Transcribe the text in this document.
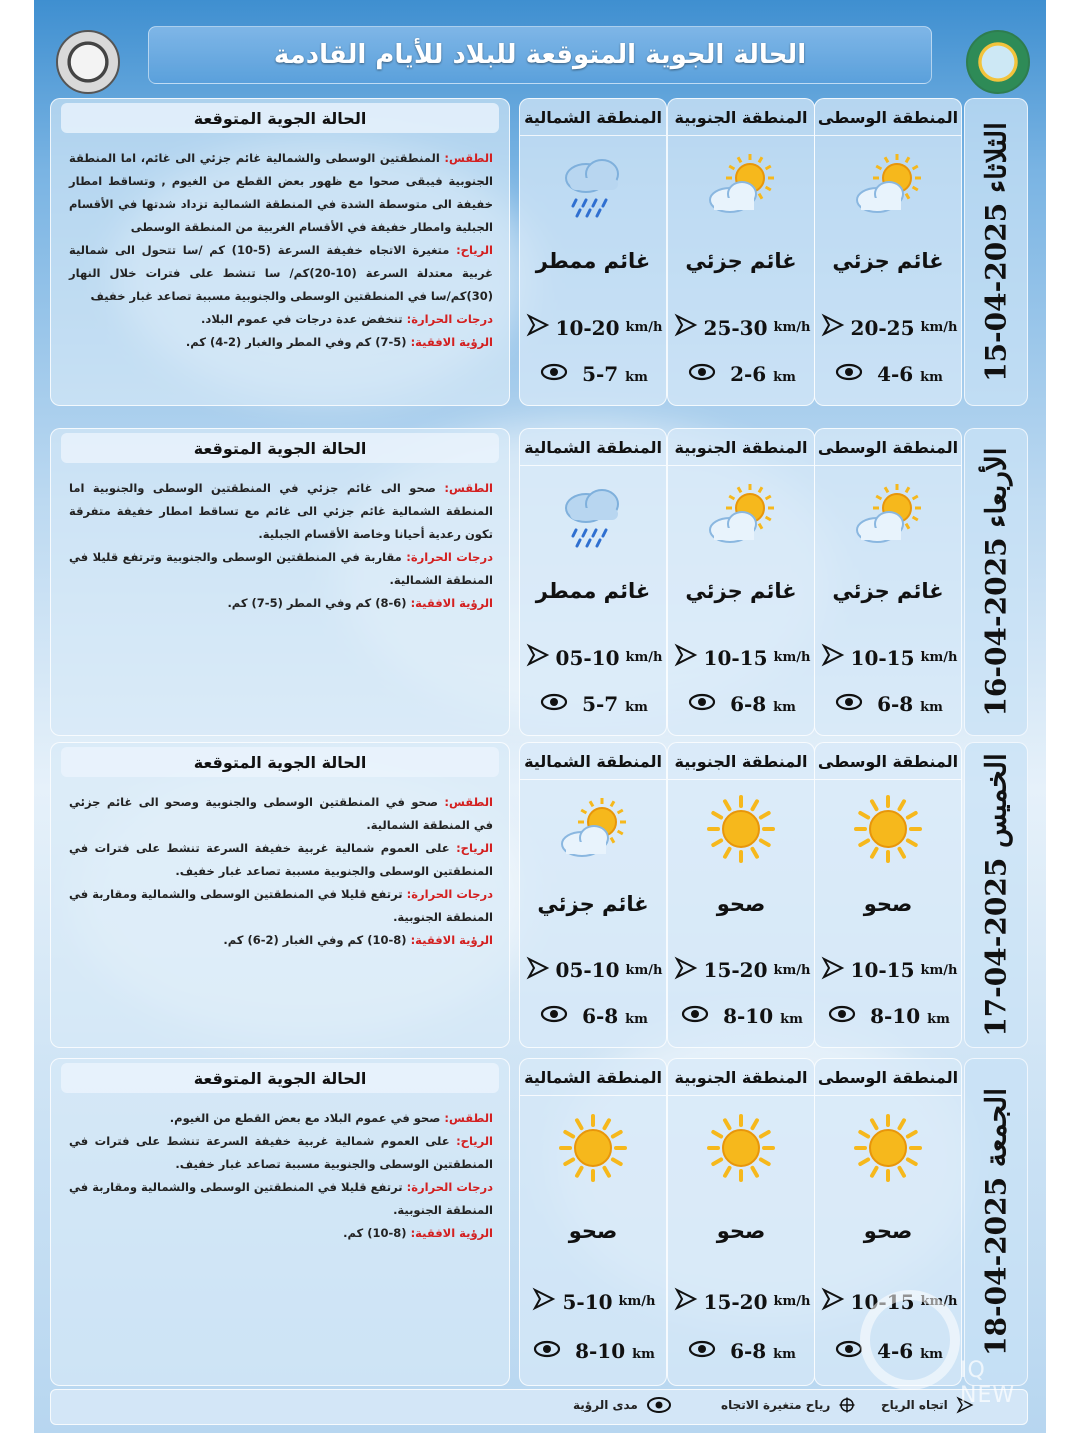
الحالة الجوية المتوقعة للبلاد للأيام القادمة
الثلاثاء 2025-04-15
المنطقة الوسطى
غائم جزئي
20-25 km/h
4-6 km
المنطقة الجنوبية
غائم جزئي
25-30 km/h
2-6 km
المنطقة الشمالية
غائم ممطر
10-20 km/h
5-7 km
الحالة الجوية المتوقعة

الطقس: المنطقتين الوسطى والشمالية غائم جزئي الى غائم، اما المنطقة الجنوبية فيبقى صحوا مع ظهور بعض القطع من الغيوم , وتساقط امطار خفيفة الى متوسطة الشدة في المنطقة الشمالية تزداد شدتها في الأقسام الجبلية وامطار خفيفة في الأقسام الغربية من المنطقة الوسطى

الرياح: متغيرة الاتجاه خفيفة السرعة (5-10) كم /سا تتحول الى شمالية غربية معتدلة السرعة (10-20)كم/ سا تنشط على فترات خلال النهار (30)كم/سا في المنطقتين الوسطى والجنوبية مسببة تصاعد غبار خفيف

درجات الحرارة: تنخفض عدة درجات في عموم البلاد.

الرؤية الافقية: (5-7) كم وفي المطر والغبار (2-4) كم.

الأربعاء 2025-04-16
المنطقة الوسطى
غائم جزئي
10-15 km/h
6-8 km
المنطقة الجنوبية
غائم جزئي
10-15 km/h
6-8 km
المنطقة الشمالية
غائم ممطر
05-10 km/h
5-7 km
الحالة الجوية المتوقعة

الطقس: صحو الى غائم جزئي في المنطقتين الوسطى والجنوبية اما المنطقة الشمالية غائم جزئي الى غائم مع تساقط امطار خفيفة متفرقة تكون رعدية أحيانا وخاصة الأقسام الجبلية.

درجات الحرارة: مقاربة في المنطقتين الوسطى والجنوبية وترتفع قليلا في المنطقة الشمالية.

الرؤية الافقية: (6-8) كم وفي المطر (5-7) كم.

الخميس 2025-04-17
المنطقة الوسطى
صحو
10-15 km/h
8-10 km
المنطقة الجنوبية
صحو
15-20 km/h
8-10 km
المنطقة الشمالية
غائم جزئي
05-10 km/h
6-8 km
الحالة الجوية المتوقعة

الطقس: صحو في المنطقتين الوسطى والجنوبية وصحو الى غائم جزئي في المنطقة الشمالية.

الرياح: على العموم شمالية غربية خفيفة السرعة تنشط على فترات في المنطقتين الوسطى والجنوبية مسببة تصاعد غبار خفيف.

درجات الحرارة: ترتفع قليلا في المنطقتين الوسطى والشمالية ومقاربة في المنطقة الجنوبية.

الرؤية الافقية: (8-10) كم وفي الغبار (2-6) كم.

الجمعة 2025-04-18
المنطقة الوسطى
صحو
10-15 km/h
4-6 km
المنطقة الجنوبية
صحو
15-20 km/h
6-8 km
المنطقة الشمالية
صحو
5-10 km/h
8-10 km
الحالة الجوية المتوقعة

الطقس: صحو في عموم البلاد مع بعض القطع من الغيوم.

الرياح: على العموم شمالية غربية خفيفة السرعة تنشط على فترات في المنطقتين الوسطى والجنوبية مسببة تصاعد غبار خفيف.

درجات الحرارة: ترتفع قليلا في المنطقتين الوسطى والشمالية ومقاربة في المنطقة الجنوبية.

الرؤية الافقية: (8-10) كم.

اتجاه الرياح
رياح متغيرة الاتجاه
مدى الرؤية
IQ NEW
